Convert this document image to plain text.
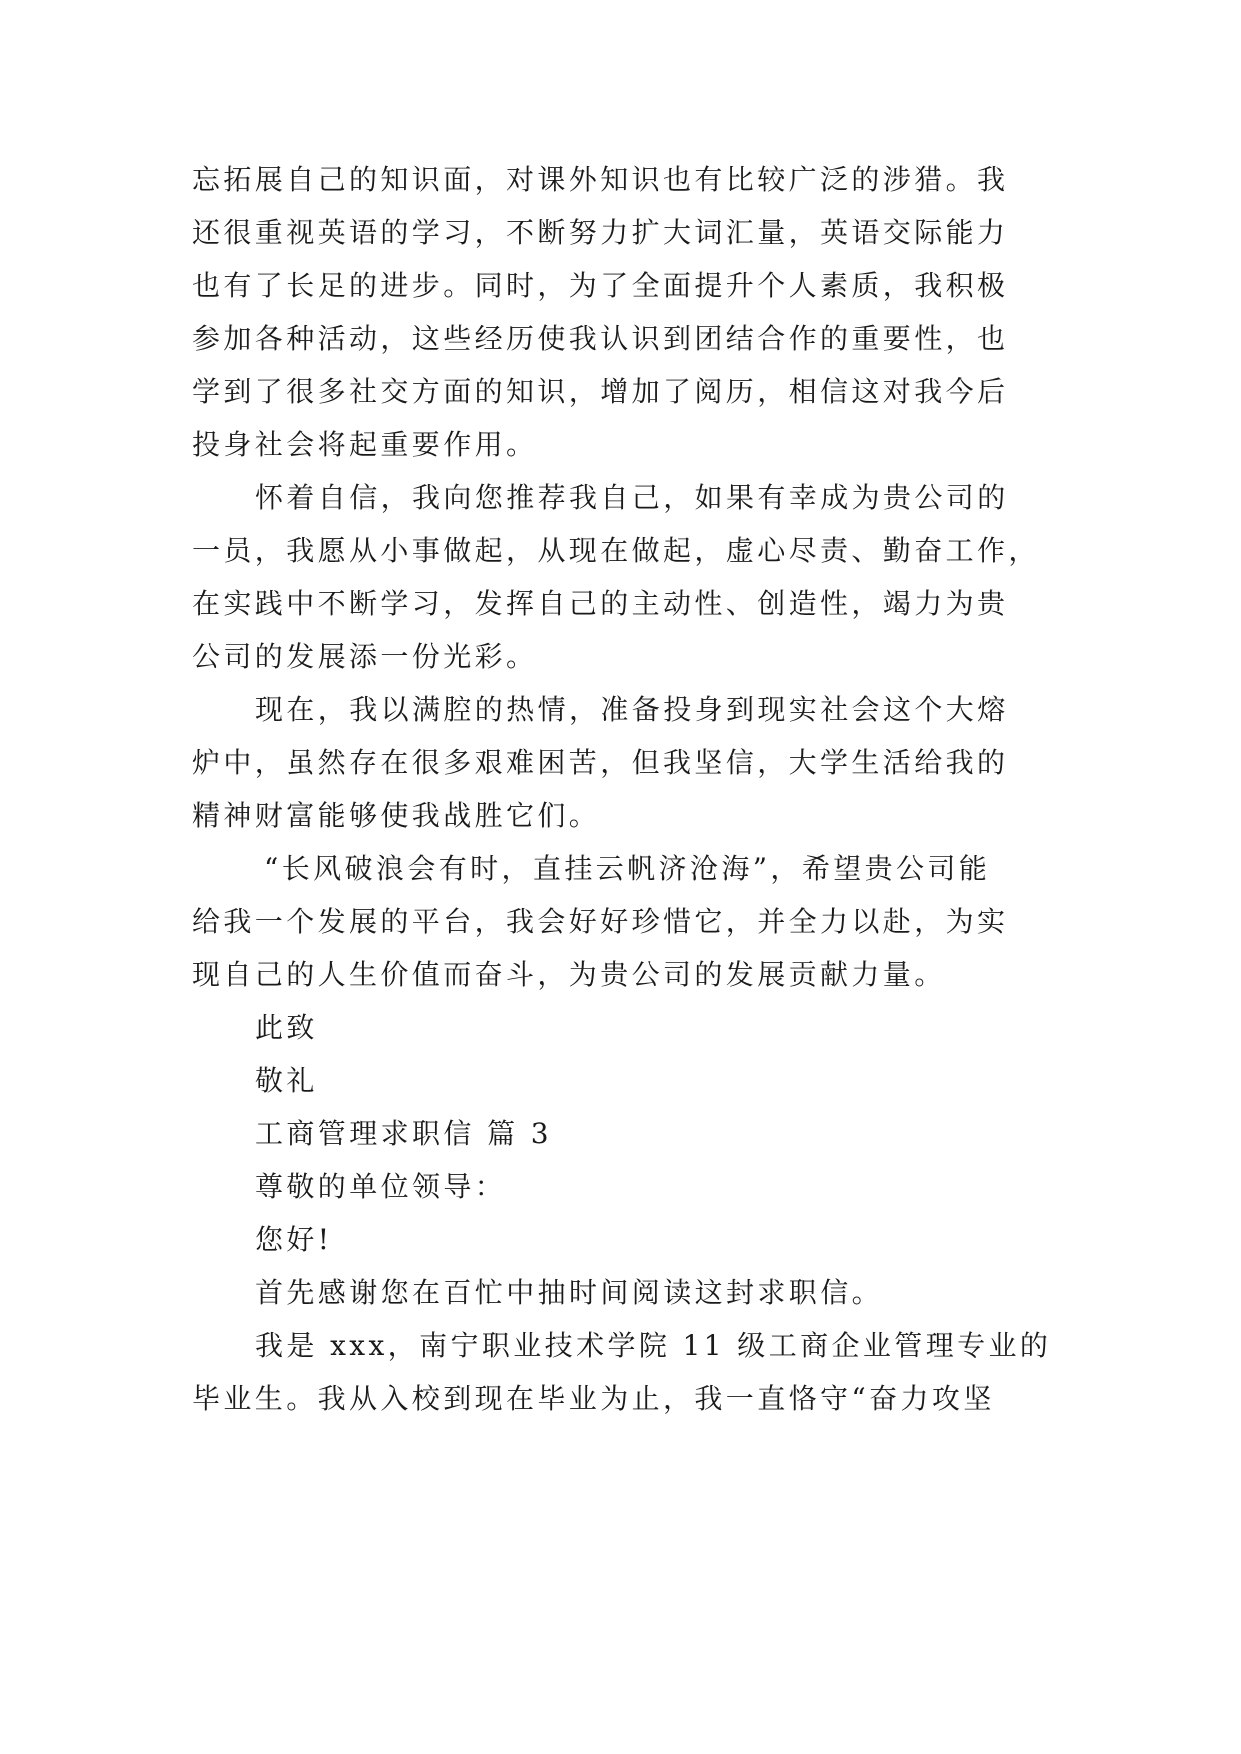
忘拓展自己的知识面，对课外知识也有比较广泛的涉猎。我
还很重视英语的学习，不断努力扩大词汇量，英语交际能力
也有了长足的进步。同时，为了全面提升个人素质，我积极
参加各种活动，这些经历使我认识到团结合作的重要性，也
学到了很多社交方面的知识，增加了阅历，相信这对我今后
投身社会将起重要作用。
怀着自信，我向您推荐我自己，如果有幸成为贵公司的
一员，我愿从小事做起，从现在做起，虚心尽责、勤奋工作，
在实践中不断学习，发挥自己的主动性、创造性，竭力为贵
公司的发展添一份光彩。
现在，我以满腔的热情，准备投身到现实社会这个大熔
炉中，虽然存在很多艰难困苦，但我坚信，大学生活给我的
精神财富能够使我战胜它们。
“长风破浪会有时，直挂云帆济沧海”，希望贵公司能
给我一个发展的平台，我会好好珍惜它，并全力以赴，为实
现自己的人生价值而奋斗，为贵公司的发展贡献力量。
此致
敬礼
工商管理求职信 篇 3
尊敬的单位领导：
您好!
首先感谢您在百忙中抽时间阅读这封求职信。
我是 xxx，南宁职业技术学院 11 级工商企业管理专业的
毕业生。我从入校到现在毕业为止，我一直恪守“奋力攻坚
